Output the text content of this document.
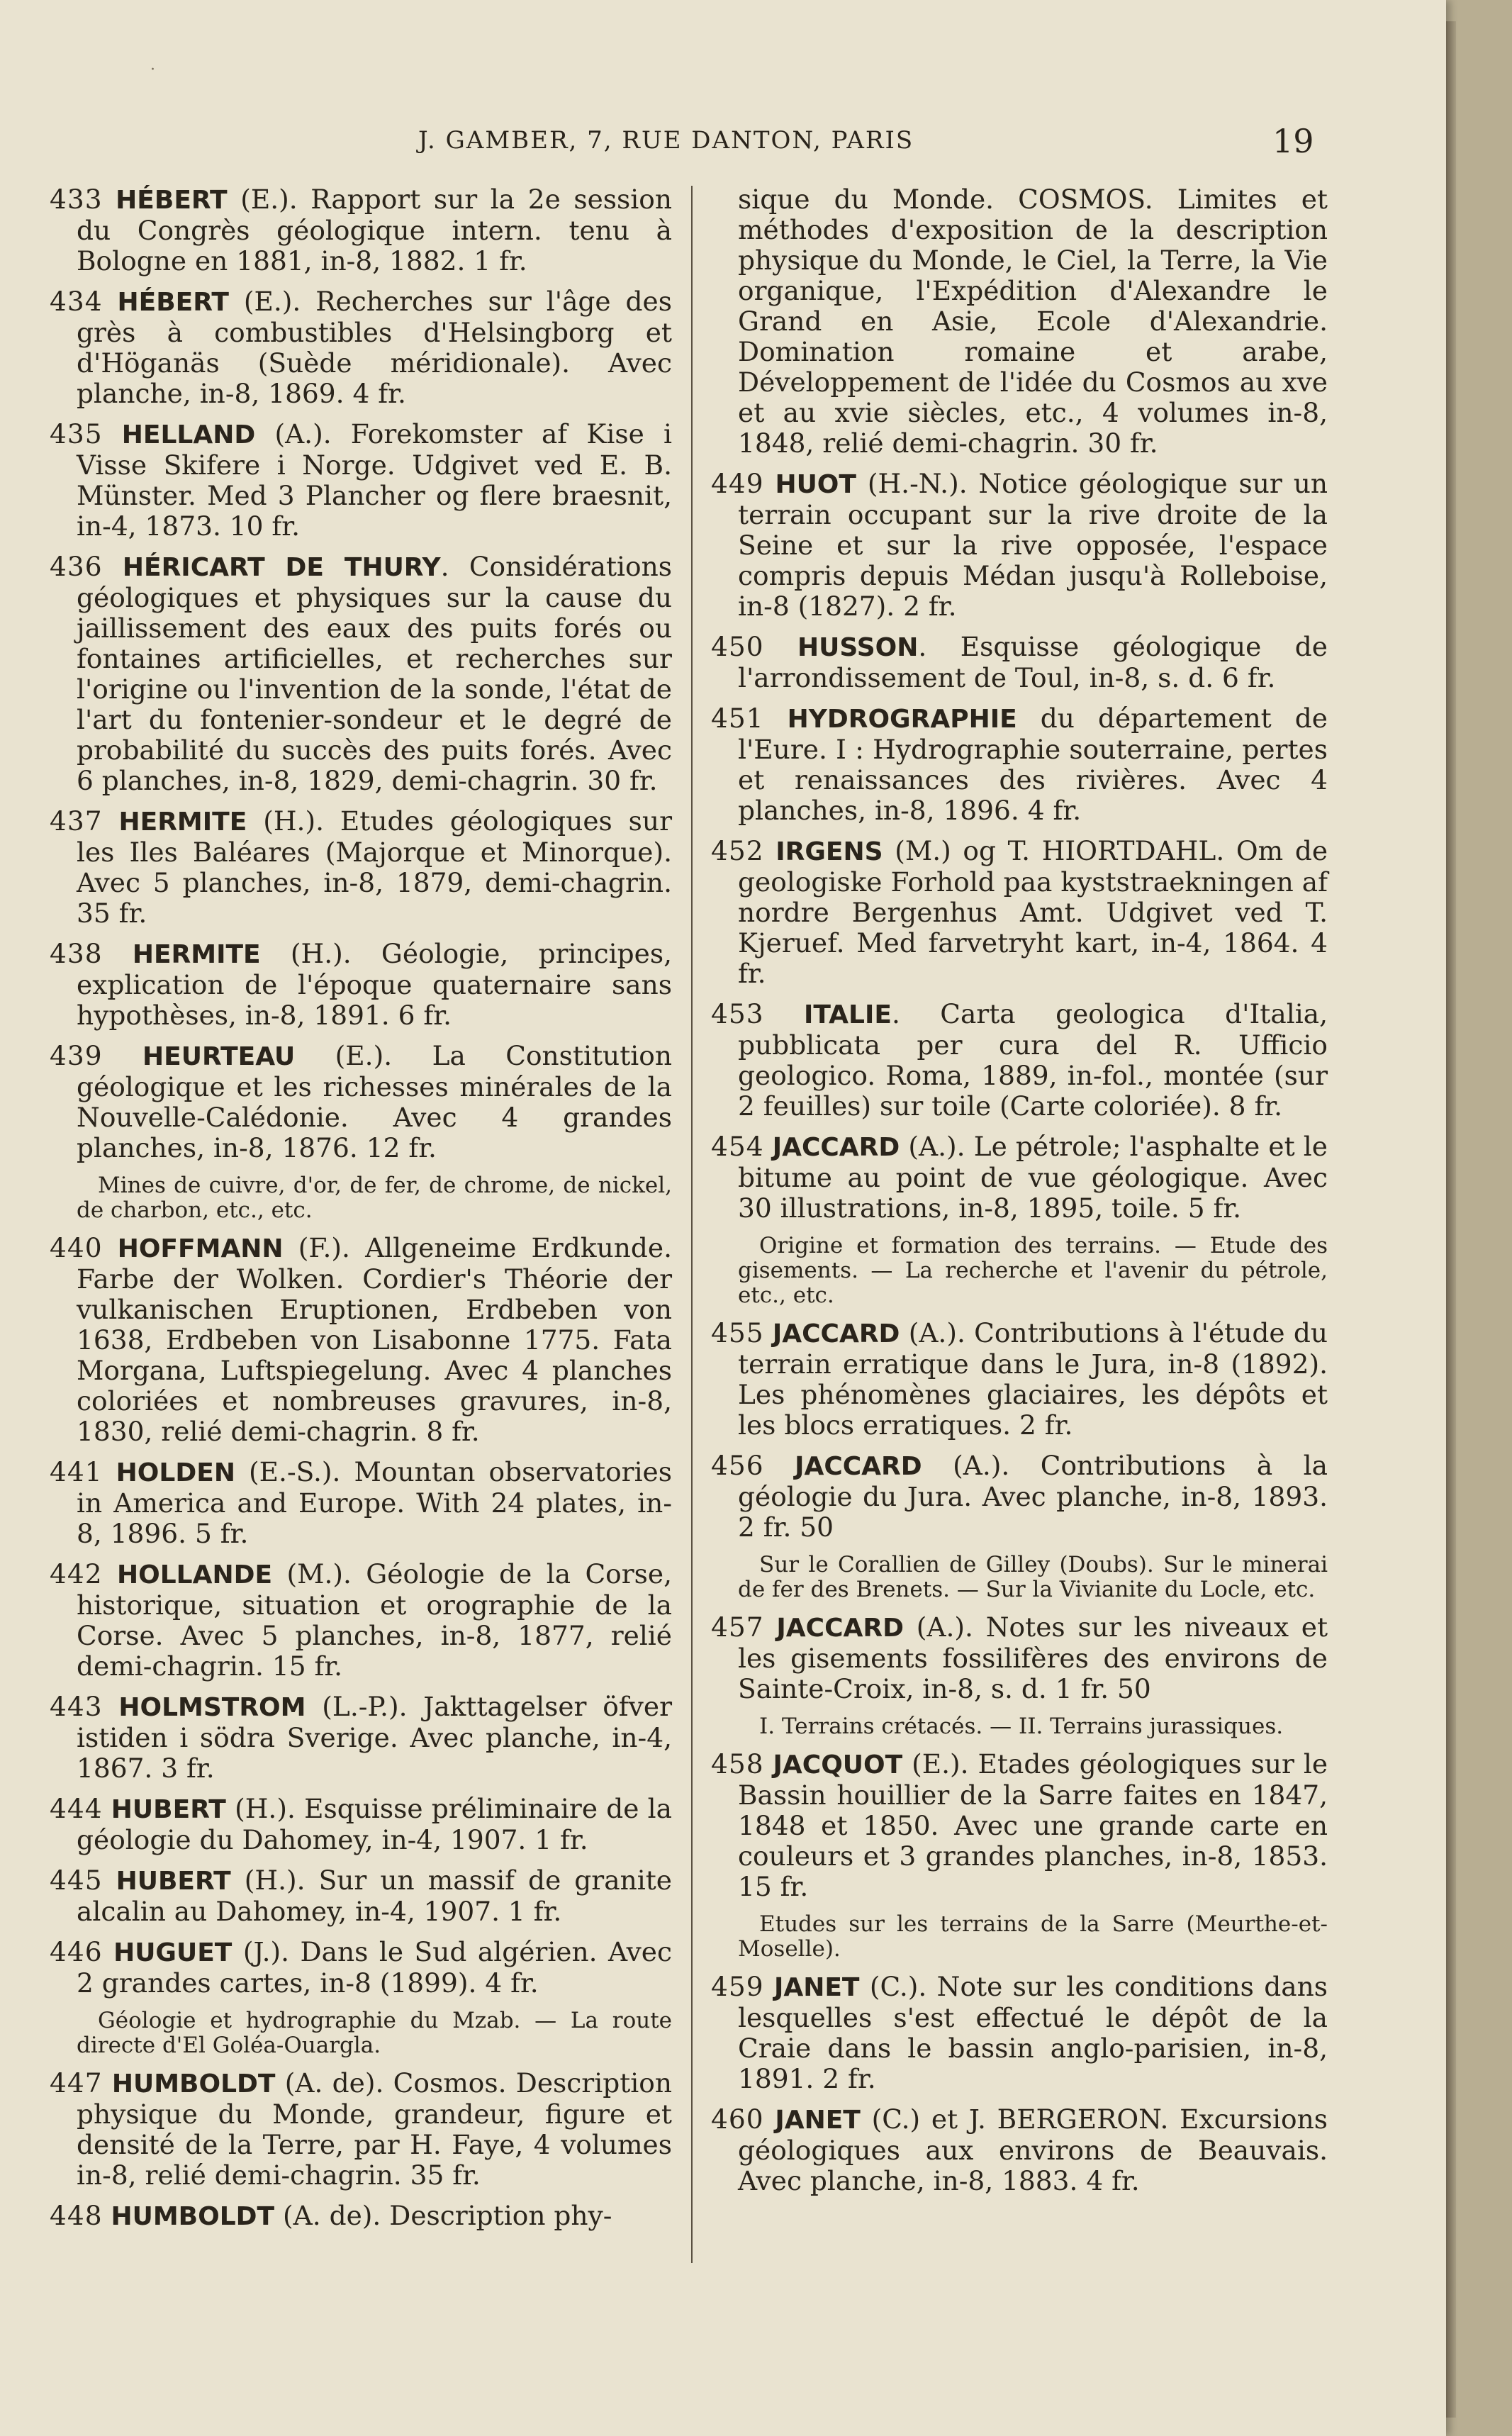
·
J. GAMBER, 7, RUE DANTON, PARIS	19

433 HÉBERT (E.). Rapport sur la 2e session du Congrès géologique intern. tenu à Bologne en 1881, in-8, 1882. 1 fr.

434 HÉBERT (E.). Recherches sur l'âge des grès à combustibles d'Helsingborg et d'Höganäs (Suède méridionale). Avec planche, in-8, 1869. 4 fr.

435 HELLAND (A.). Forekomster af Kise i Visse Skifere i Norge. Udgivet ved E. B. Münster. Med 3 Plancher og flere braesnit, in-4, 1873. 10 fr.

436 HÉRICART DE THURY. Considérations géologiques et physiques sur la cause du jaillissement des eaux des puits forés ou fontaines artificielles, et recherches sur l'origine ou l'invention de la sonde, l'état de l'art du fontenier-sondeur et le degré de probabilité du succès des puits forés. Avec 6 planches, in-8, 1829, demi-chagrin. 30 fr.

437 HERMITE (H.). Etudes géologiques sur les Iles Baléares (Majorque et Minorque). Avec 5 planches, in-8, 1879, demi-chagrin. 35 fr.

438 HERMITE (H.). Géologie, principes, explication de l'époque quaternaire sans hypothèses, in-8, 1891. 6 fr.

439 HEURTEAU (E.). La Constitution géologique et les richesses minérales de la Nouvelle-Calédonie. Avec 4 grandes planches, in-8, 1876. 12 fr.

Mines de cuivre, d'or, de fer, de chrome, de nickel, de charbon, etc., etc.

440 HOFFMANN (F.). Allgeneime Erdkunde. Farbe der Wolken. Cordier's Théorie der vulkanischen Eruptionen, Erdbeben von 1638, Erdbeben von Lisabonne 1775. Fata Morgana, Luftspiegelung. Avec 4 planches coloriées et nombreuses gravures, in-8, 1830, relié demi-chagrin. 8 fr.

441 HOLDEN (E.-S.). Mountan observatories in America and Europe. With 24 plates, in-8, 1896. 5 fr.

442 HOLLANDE (M.). Géologie de la Corse, historique, situation et orographie de la Corse. Avec 5 planches, in-8, 1877, relié demi-chagrin. 15 fr.

443 HOLMSTROM (L.-P.). Jakttagelser öfver istiden i södra Sverige. Avec planche, in-4, 1867. 3 fr.

444 HUBERT (H.). Esquisse préliminaire de la géologie du Dahomey, in-4, 1907. 1 fr.

445 HUBERT (H.). Sur un massif de granite alcalin au Dahomey, in-4, 1907. 1 fr.

446 HUGUET (J.). Dans le Sud algérien. Avec 2 grandes cartes, in-8 (1899). 4 fr.

Géologie et hydrographie du Mzab. — La route directe d'El Goléa-Ouargla.

447 HUMBOLDT (A. de). Cosmos. Description physique du Monde, grandeur, figure et densité de la Terre, par H. Faye, 4 volumes in-8, relié demi-chagrin. 35 fr.

448 HUMBOLDT (A. de). Description phy-

sique du Monde. COSMOS. Limites et méthodes d'exposition de la description physique du Monde, le Ciel, la Terre, la Vie organique, l'Expédition d'Alexandre le Grand en Asie, Ecole d'Alexandrie. Domination romaine et arabe, Développement de l'idée du Cosmos au xve et au xvie siècles, etc., 4 volumes in-8, 1848, relié demi-chagrin. 30 fr.

449 HUOT (H.-N.). Notice géologique sur un terrain occupant sur la rive droite de la Seine et sur la rive opposée, l'espace compris depuis Médan jusqu'à Rolleboise, in-8 (1827). 2 fr.

450 HUSSON. Esquisse géologique de l'arrondissement de Toul, in-8, s. d. 6 fr.

451 HYDROGRAPHIE du département de l'Eure. I : Hydrographie souterraine, pertes et renaissances des rivières. Avec 4 planches, in-8, 1896. 4 fr.

452 IRGENS (M.) og T. HIORTDAHL. Om de geologiske Forhold paa kyststraekningen af nordre Bergenhus Amt. Udgivet ved T. Kjeruef. Med farvetryht kart, in-4, 1864. 4 fr.

453 ITALIE. Carta geologica d'Italia, pubblicata per cura del R. Ufficio geologico. Roma, 1889, in-fol., montée (sur 2 feuilles) sur toile (Carte coloriée). 8 fr.

454 JACCARD (A.). Le pétrole; l'asphalte et le bitume au point de vue géologique. Avec 30 illustrations, in-8, 1895, toile. 5 fr.

Origine et formation des terrains. — Etude des gisements. — La recherche et l'avenir du pétrole, etc., etc.

455 JACCARD (A.). Contributions à l'étude du terrain erratique dans le Jura, in-8 (1892). Les phénomènes glaciaires, les dépôts et les blocs erratiques. 2 fr.

456 JACCARD (A.). Contributions à la géologie du Jura. Avec planche, in-8, 1893. 2 fr. 50

Sur le Corallien de Gilley (Doubs). Sur le minerai de fer des Brenets. — Sur la Vivianite du Locle, etc.

457 JACCARD (A.). Notes sur les niveaux et les gisements fossilifères des environs de Sainte-Croix, in-8, s. d. 1 fr. 50

I. Terrains crétacés. — II. Terrains jurassiques.

458 JACQUOT (E.). Etades géologiques sur le Bassin houillier de la Sarre faites en 1847, 1848 et 1850. Avec une grande carte en couleurs et 3 grandes planches, in-8, 1853. 15 fr.

Etudes sur les terrains de la Sarre (Meurthe-et-Moselle).

459 JANET (C.). Note sur les conditions dans lesquelles s'est effectué le dépôt de la Craie dans le bassin anglo-parisien, in-8, 1891. 2 fr.

460 JANET (C.) et J. BERGERON. Excursions géologiques aux environs de Beauvais. Avec planche, in-8, 1883. 4 fr.
